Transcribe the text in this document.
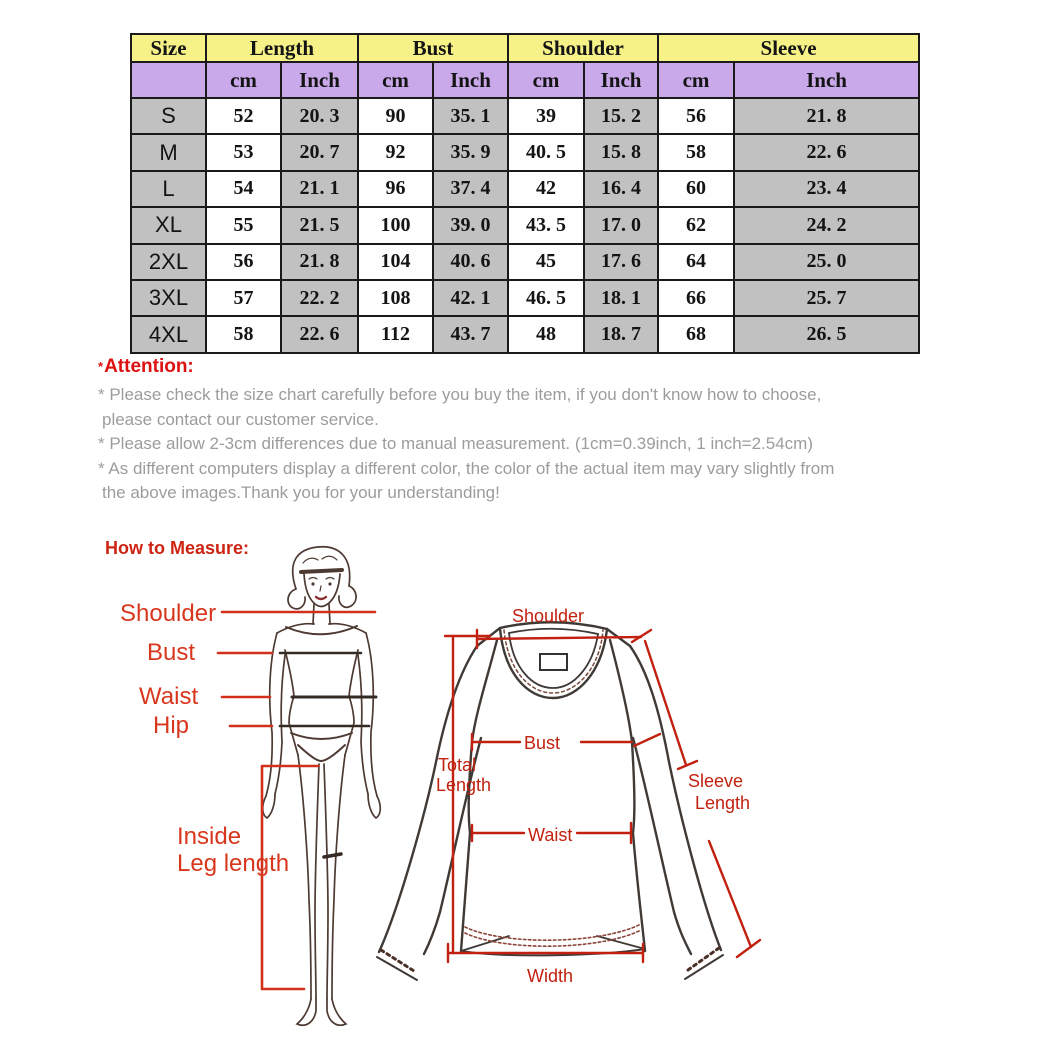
Size	Length		Bust		Shoulder		Sleeve	
	cm	Inch	cm	Inch	cm	Inch	cm	Inch
S	52	20. 3	90	35. 1	39	15. 2	56	21. 8
M	53	20. 7	92	35. 9	40. 5	15. 8	58	22. 6
L	54	21. 1	96	37. 4	42	16. 4	60	23. 4
XL	55	21. 5	100	39. 0	43. 5	17. 0	62	24. 2
2XL	56	21. 8	104	40. 6	45	17. 6	64	25. 0
3XL	57	22. 2	108	42. 1	46. 5	18. 1	66	25. 7
4XL	58	22. 6	112	43. 7	48	18. 7	68	26. 5
*Attention:
* Please check the size chart carefully before you buy the item, if you don't know how to choose,
please contact our customer service.
* Please allow 2-3cm differences due to manual measurement. (1cm=0.39inch, 1 inch=2.54cm)
* As different computers display a different color, the color of the actual item may vary slightly from
the above images.Thank you for your understanding!
How to Measure:
Shoulder
Bust
Waist
Hip
Inside
Leg length
Shoulder
Total
Length
Bust
Waist
Sleeve
Length
Width
